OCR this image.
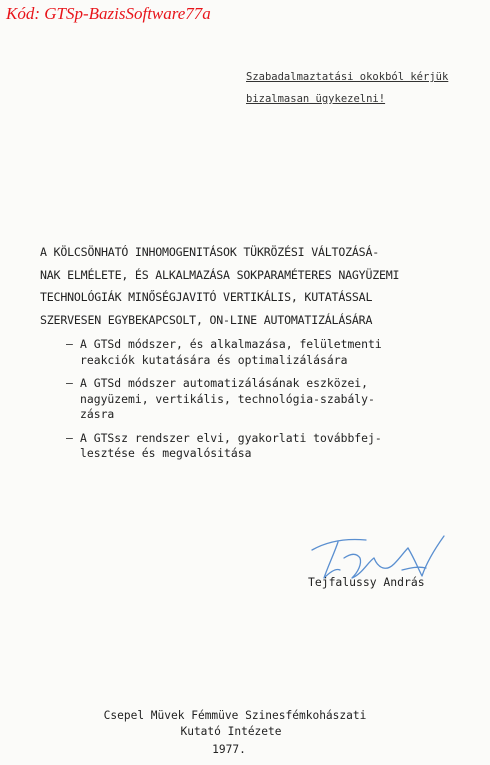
Kód: GTSp-BazisSoftware77a
Szabadalmaztatási okokból kérjük
bizalmasan ügykezelni!
A KÖLCSÖNHATÓ INHOMOGENITÁSOK TÜKRÖZÉSI VÁLTOZÁSÁ-
NAK ELMÉLETE, ÉS ALKALMAZÁSA SOKPARAMÉTERES NAGYÜZEMI
TECHNOLÓGIÁK MINŐSÉGJAVITÓ VERTIKÁLIS, KUTATÁSSAL
SZERVESEN EGYBEKAPCSOLT, ON-LINE AUTOMATIZÁLÁSÁRA
– A GTSd módszer, és alkalmazása, felületmenti
reakciók kutatására és optimalizálására
– A GTSd módszer automatizálásának eszközei,
nagyüzemi, vertikális, technológia-szabály-
zásra
– A GTSsz rendszer elvi, gyakorlati továbbfej-
lesztése és megvalósitása
Tejfalussy András
Csepel Müvek Fémmüve Szinesfémkohászati
Kutató Intézete
1977.
